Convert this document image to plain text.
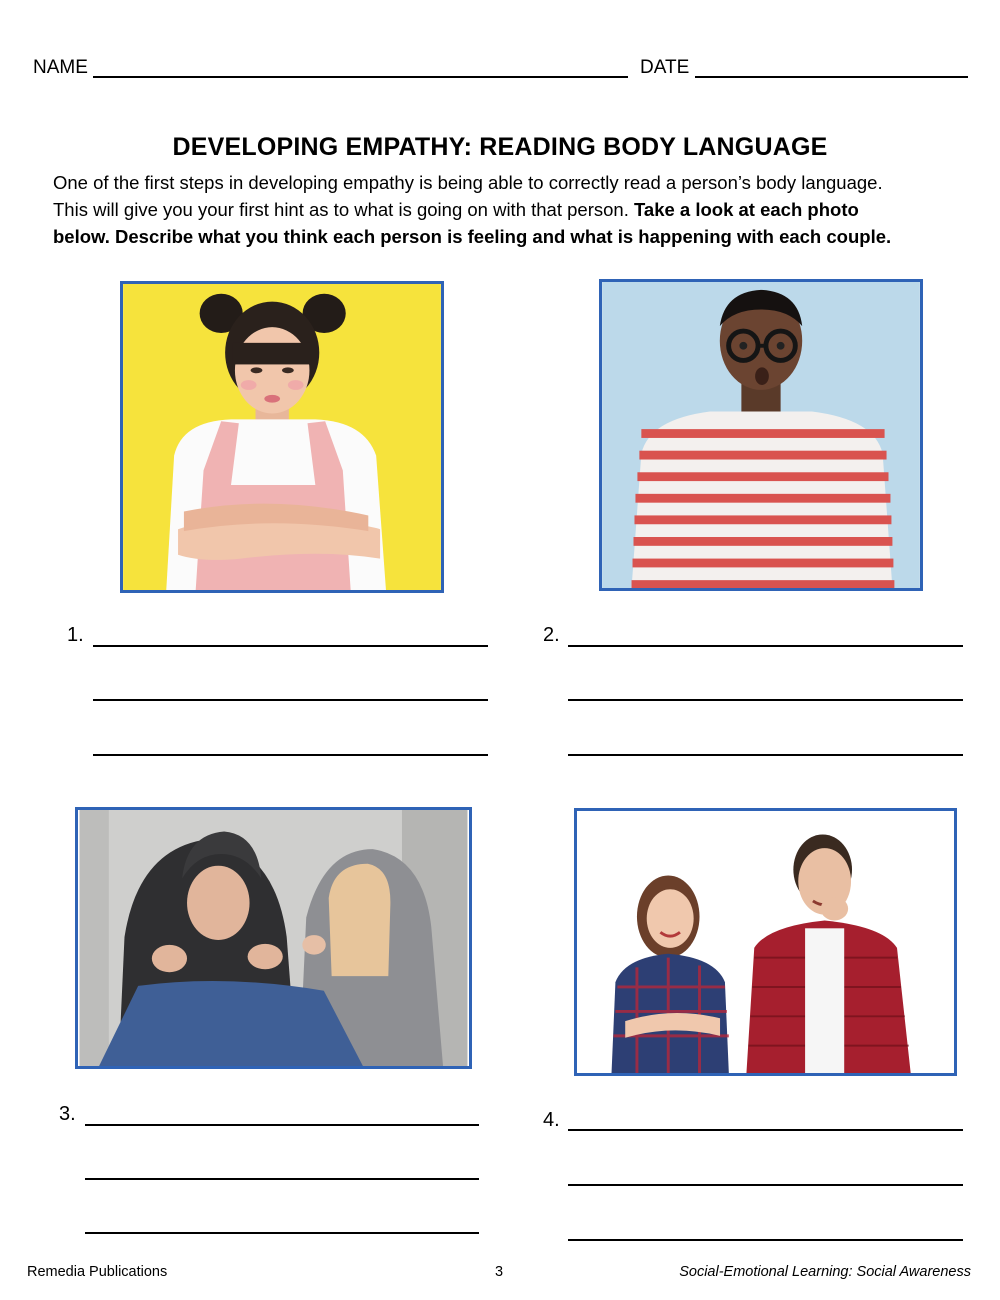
NAME	DATE
DEVELOPING EMPATHY: READING BODY LANGUAGE
One of the first steps in developing empathy is being able to correctly read a person’s body language.
This will give you your first hint as to what is going on with that person. Take a look at each photo
below. Describe what you think each person is feeling and what is happening with each couple.
1.	2.
3.	4.
Remedia Publications	3	Social-Emotional Learning: Social Awareness
